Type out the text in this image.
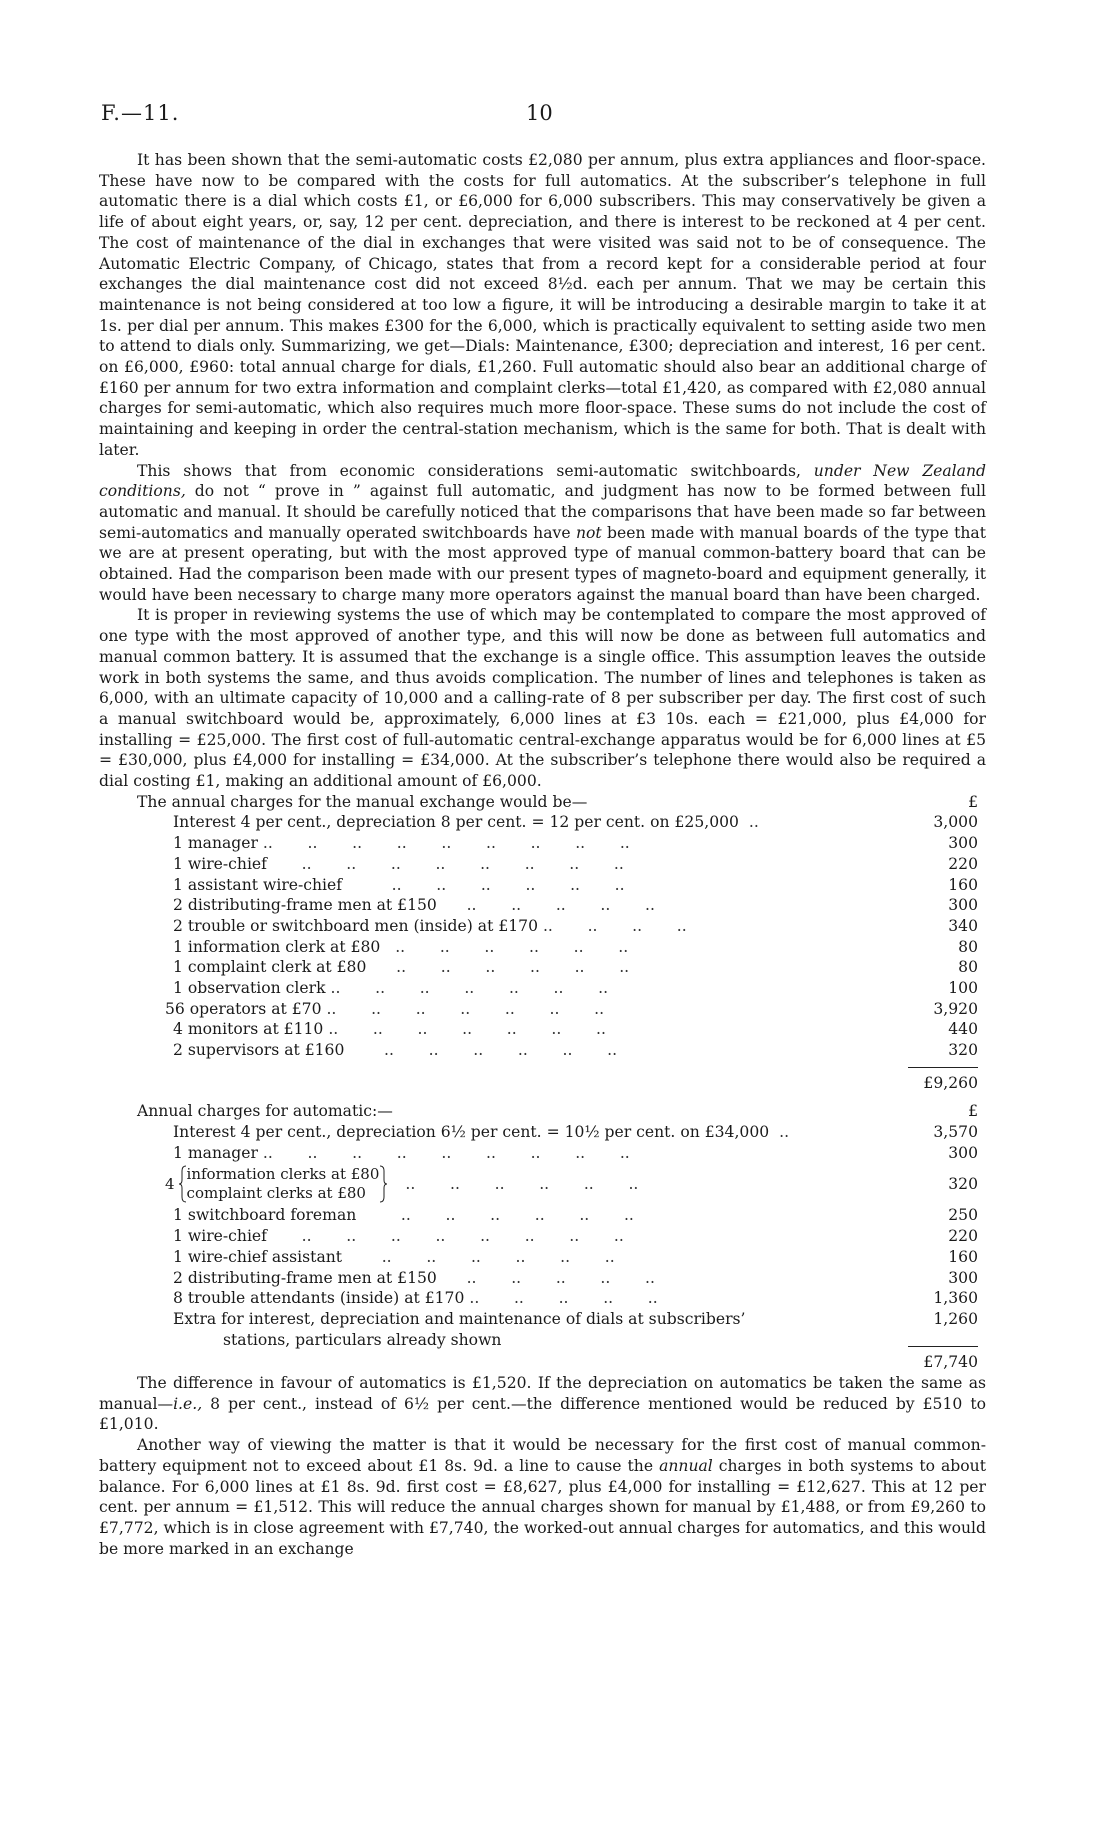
F.—11.	10

It has been shown that the semi-automatic costs £2,080 per annum, plus extra appliances and floor-space. These have now to be compared with the costs for full automatics. At the subscriber’s telephone in full automatic there is a dial which costs £1, or £6,000 for 6,000 subscribers. This may conservatively be given a life of about eight years, or, say, 12 per cent. depreciation, and there is interest to be reckoned at 4 per cent. The cost of maintenance of the dial in exchanges that were visited was said not to be of consequence. The Automatic Electric Company, of Chicago, states that from a record kept for a considerable period at four exchanges the dial maintenance cost did not exceed 8½d. each per annum. That we may be certain this maintenance is not being considered at too low a figure, it will be introducing a desirable margin to take it at 1s. per dial per annum. This makes £300 for the 6,000, which is practically equivalent to setting aside two men to attend to dials only. Summarizing, we get—Dials: Maintenance, £300; depreciation and interest, 16 per cent. on £6,000, £960: total annual charge for dials, £1,260. Full automatic should also bear an additional charge of £160 per annum for two extra information and complaint clerks—total £1,420, as compared with £2,080 annual charges for semi-automatic, which also requires much more floor-space. These sums do not include the cost of maintaining and keeping in order the central-station mechanism, which is the same for both. That is dealt with later.

This shows that from economic considerations semi-automatic switchboards, under New Zealand conditions, do not “ prove in ” against full automatic, and judgment has now to be formed between full automatic and manual. It should be carefully noticed that the comparisons that have been made so far between semi-automatics and manually operated switchboards have not been made with manual boards of the type that we are at present operating, but with the most approved type of manual common-battery board that can be obtained. Had the comparison been made with our present types of magneto-board and equipment generally, it would have been necessary to charge many more operators against the manual board than have been charged.

It is proper in reviewing systems the use of which may be contemplated to compare the most approved of one type with the most approved of another type, and this will now be done as between full automatics and manual common battery. It is assumed that the exchange is a single office. This assumption leaves the outside work in both systems the same, and thus avoids complication. The number of lines and telephones is taken as 6,000, with an ultimate capacity of 10,000 and a calling-rate of 8 per subscriber per day. The first cost of such a manual switchboard would be, approximately, 6,000 lines at £3 10s. each = £21,000, plus £4,000 for installing = £25,000. The first cost of full-automatic central-exchange apparatus would be for 6,000 lines at £5 = £30,000, plus £4,000 for installing = £34,000. At the subscriber’s telephone there would also be required a dial costing £1, making an additional amount of £6,000.

The annual charges for the manual exchange would be—	£
Interest 4 per cent., depreciation 8 per cent. = 12 per cent. on £25,000  ..	3,000
1 manager ..       ..       ..       ..       ..       ..       ..       ..       ..	300
1 wire-chief       ..       ..       ..       ..       ..       ..       ..       ..	220
1 assistant wire-chief          ..       ..       ..       ..       ..       ..	160
2 distributing-frame men at £150      ..       ..       ..       ..       ..	300
2 trouble or switchboard men (inside) at £170 ..       ..       ..       ..	340
1 information clerk at £80   ..       ..       ..       ..       ..       ..	80
1 complaint clerk at £80      ..       ..       ..       ..       ..       ..	80
1 observation clerk ..       ..       ..       ..       ..       ..       ..	100
56 operators at £70 ..       ..       ..       ..       ..       ..       ..	3,920
4 monitors at £110 ..       ..       ..       ..       ..       ..       ..	440
2 supervisors at £160        ..       ..       ..       ..       ..       ..	320
£9,260
Annual charges for automatic:—	£
Interest 4 per cent., depreciation 6½ per cent. = 10½ per cent. on £34,000  ..	3,570
1 manager ..       ..       ..       ..       ..       ..       ..       ..       ..	300
4
information clerks at £80
complaint clerks at £80
..       ..       ..       ..       ..       ..	320
1 switchboard foreman         ..       ..       ..       ..       ..       ..	250
1 wire-chief       ..       ..       ..       ..       ..       ..       ..       ..	220
1 wire-chief assistant        ..       ..       ..       ..       ..       ..	160
2 distributing-frame men at £150      ..       ..       ..       ..       ..	300
8 trouble attendants (inside) at £170 ..       ..       ..       ..       ..	1,360
Extra for interest, depreciation and maintenance of dials at subscribers’	1,260
stations, particulars already shown
£7,740

The difference in favour of automatics is £1,520. If the depreciation on automatics be taken the same as manual—i.e., 8 per cent., instead of 6½ per cent.—the difference mentioned would be reduced by £510 to £1,010.

Another way of viewing the matter is that it would be necessary for the first cost of manual common-battery equipment not to exceed about £1 8s. 9d. a line to cause the annual charges in both systems to about balance. For 6,000 lines at £1 8s. 9d. first cost = £8,627, plus £4,000 for installing = £12,627. This at 12 per cent. per annum = £1,512. This will reduce the annual charges shown for manual by £1,488, or from £9,260 to £7,772, which is in close agreement with £7,740, the worked-out annual charges for automatics, and this would be more marked in an exchange
